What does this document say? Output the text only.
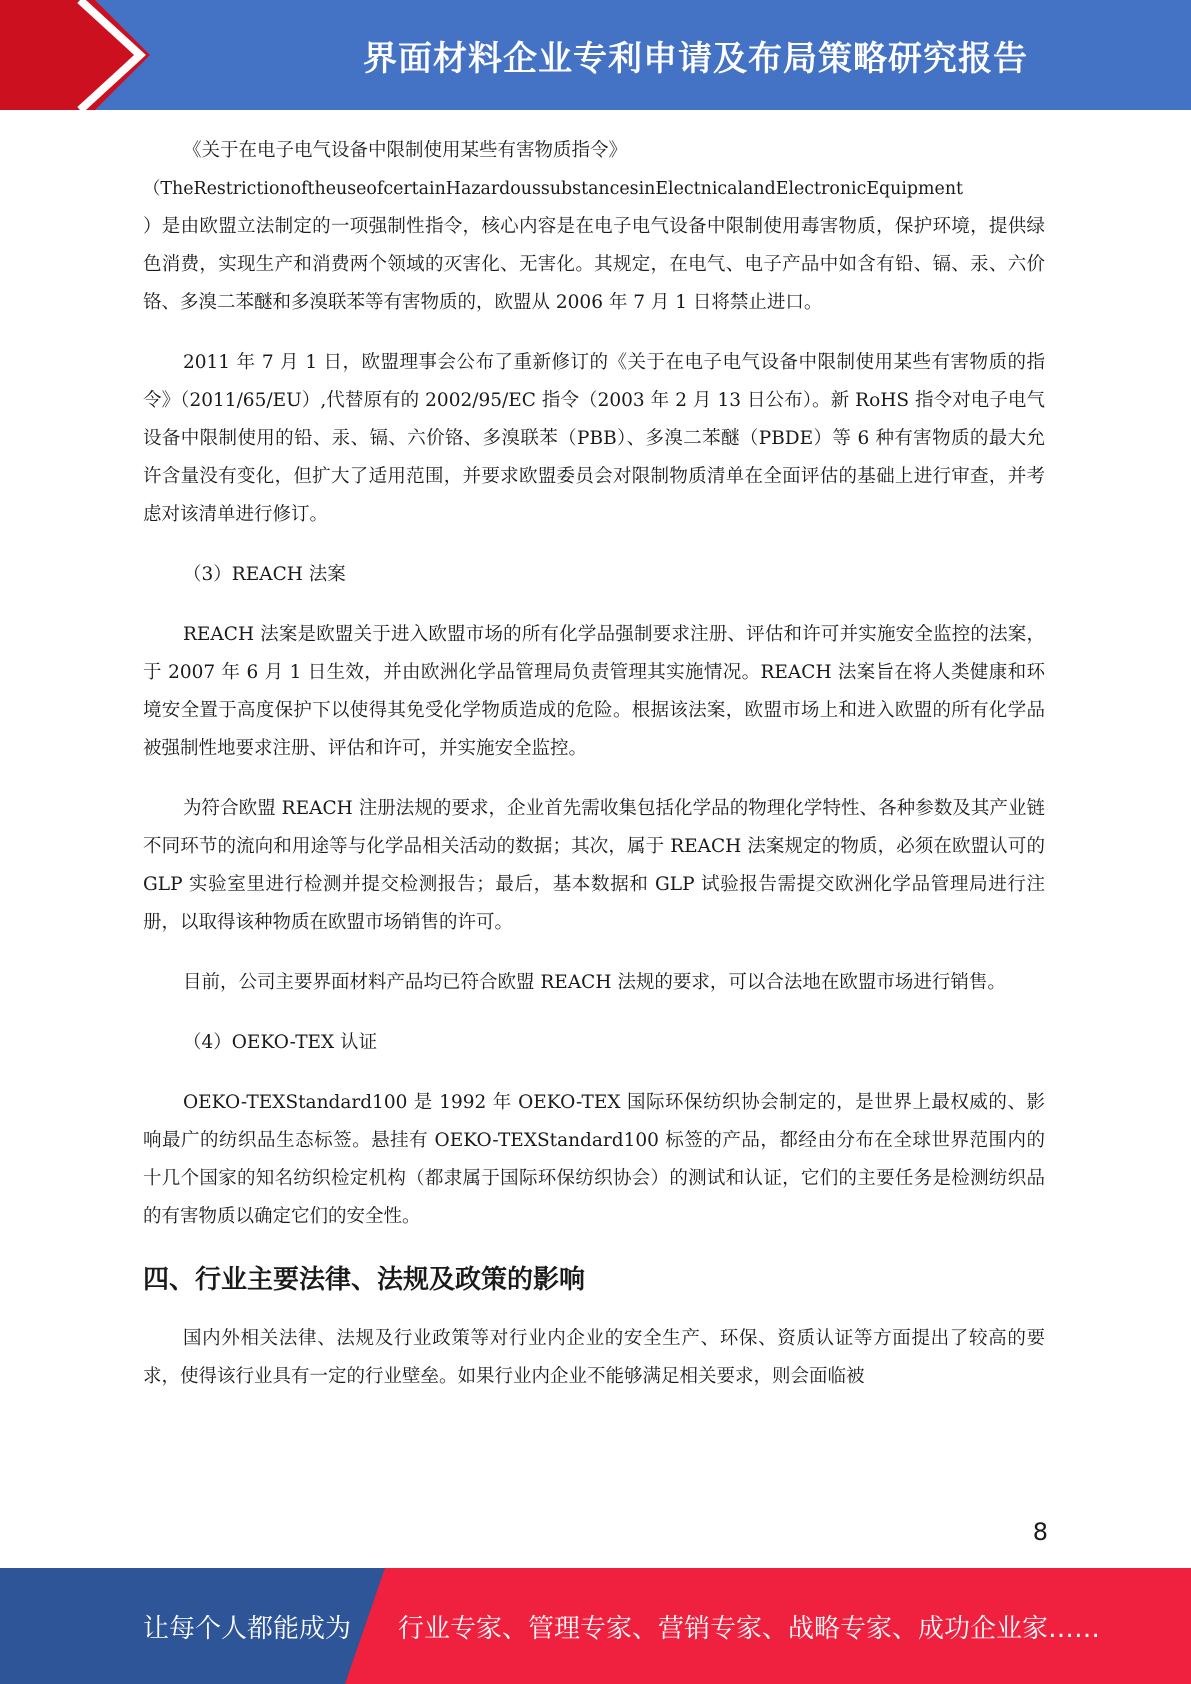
界面材料企业专利申请及布局策略研究报告

《关于在电子电气设备中限制使用某些有害物质指令》

（TheRestrictionoftheuseofcertainHazardoussubstancesinElectnicalandElectronicEquipment

）是由欧盟立法制定的一项强制性指令，核心内容是在电子电气设备中限制使用毒害物质，保护环境，提供绿色消费，实现生产和消费两个领域的灭害化、无害化。其规定，在电气、电子产品中如含有铅、镉、汞、六价铬、多溴二苯醚和多溴联苯等有害物质的，欧盟从 2006 年 7 月 1 日将禁止进口。

2011 年 7 月 1 日，欧盟理事会公布了重新修订的《关于在电子电气设备中限制使用某些有害物质的指令》（2011/65/EU）,代替原有的 2002/95/EC 指令（2003 年 2 月 13 日公布）。新 RoHS 指令对电子电气设备中限制使用的铅、汞、镉、六价铬、多溴联苯（PBB）、多溴二苯醚（PBDE）等 6 种有害物质的最大允许含量没有变化，但扩大了适用范围，并要求欧盟委员会对限制物质清单在全面评估的基础上进行审查，并考虑对该清单进行修订。

（3）REACH 法案

REACH 法案是欧盟关于进入欧盟市场的所有化学品强制要求注册、评估和许可并实施安全监控的法案，于 2007 年 6 月 1 日生效，并由欧洲化学品管理局负责管理其实施情况。REACH 法案旨在将人类健康和环境安全置于高度保护下以使得其免受化学物质造成的危险。根据该法案，欧盟市场上和进入欧盟的所有化学品被强制性地要求注册、评估和许可，并实施安全监控。

为符合欧盟 REACH 注册法规的要求，企业首先需收集包括化学品的物理化学特性、各种参数及其产业链不同环节的流向和用途等与化学品相关活动的数据；其次，属于 REACH 法案规定的物质，必须在欧盟认可的 GLP 实验室里进行检测并提交检测报告；最后，基本数据和 GLP 试验报告需提交欧洲化学品管理局进行注册，以取得该种物质在欧盟市场销售的许可。

目前，公司主要界面材料产品均已符合欧盟 REACH 法规的要求，可以合法地在欧盟市场进行销售。

（4）OEKO-TEX 认证

OEKO-TEXStandard100 是 1992 年 OEKO-TEX 国际环保纺织协会制定的，是世界上最权威的、影响最广的纺织品生态标签。悬挂有 OEKO-TEXStandard100 标签的产品，都经由分布在全球世界范围内的十几个国家的知名纺织检定机构（都隶属于国际环保纺织协会）的测试和认证，它们的主要任务是检测纺织品的有害物质以确定它们的安全性。

四、行业主要法律、法规及政策的影响

国内外相关法律、法规及行业政策等对行业内企业的安全生产、环保、资质认证等方面提出了较高的要求，使得该行业具有一定的行业壁垒。如果行业内企业不能够满足相关要求，则会面临被

8
让每个人都能成为 行业专家、管理专家、营销专家、战略专家、成功企业家……
